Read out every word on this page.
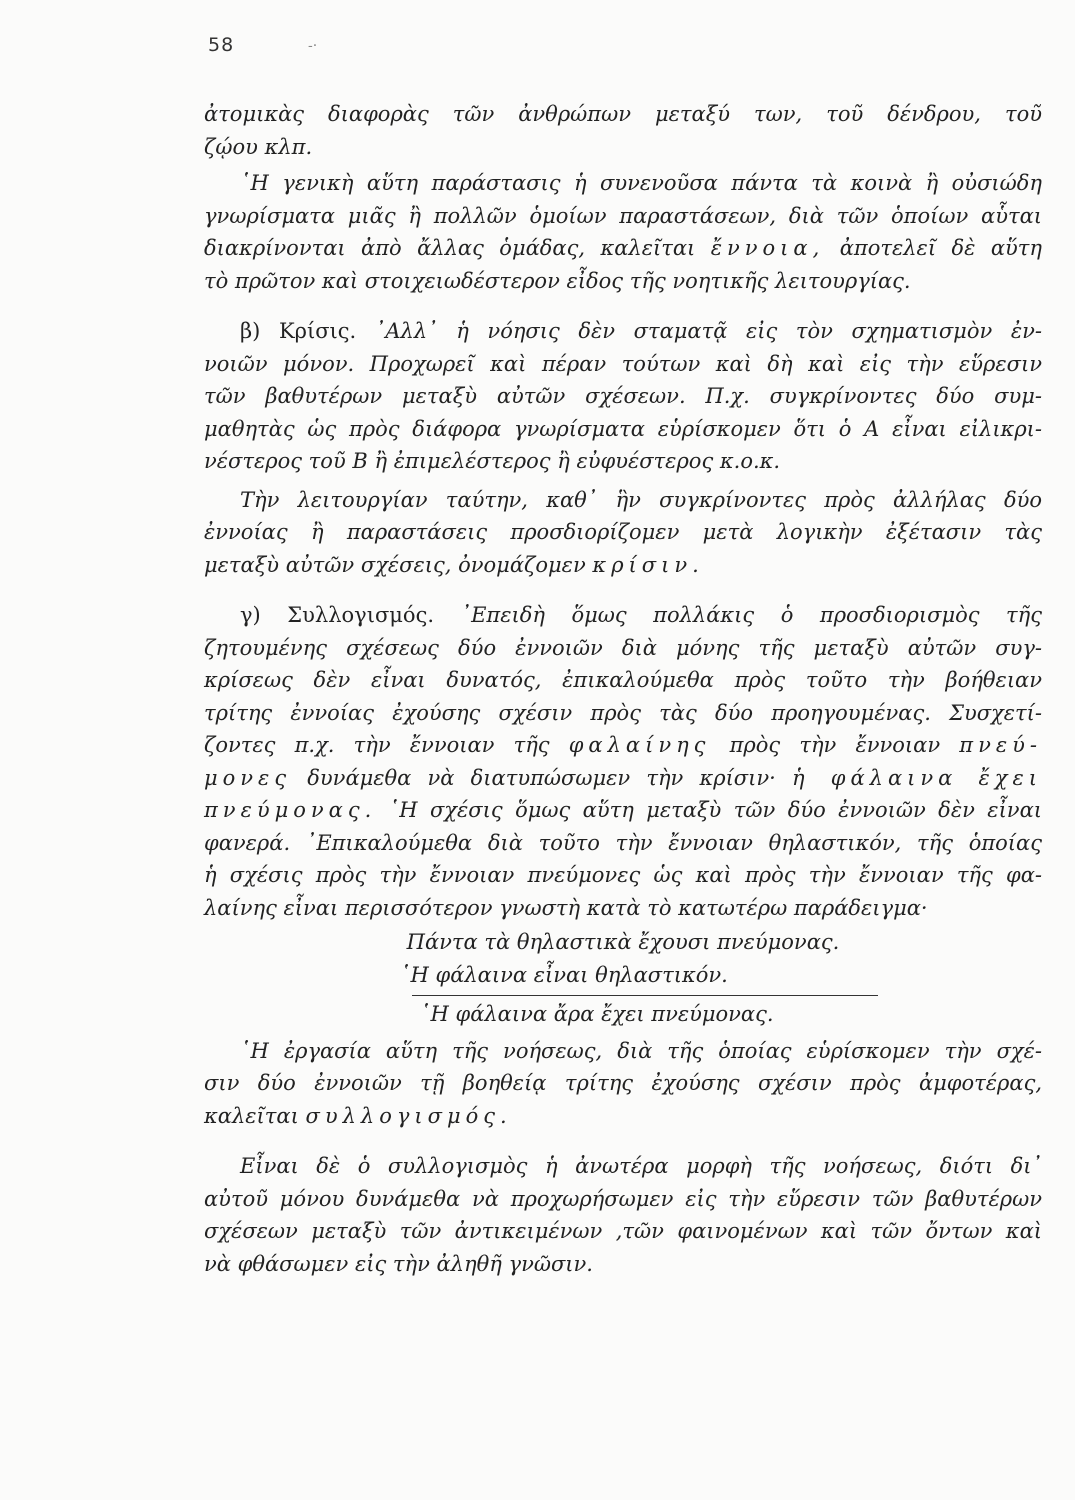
58	-·
ἀτομικὰς διαφορὰς τῶν ἀνθρώπων μεταξύ των, τοῦ δένδρου, τοῦ
ζῴου κλπ.
῾Η γενικὴ αὕτη παράστασις ἡ συνενοῦσα πάντα τὰ κοινὰ ἢ οὐσιώδη
γνωρίσματα μιᾶς ἢ πολλῶν ὁμοίων παραστάσεων, διὰ τῶν ὁποίων αὗται
διακρίνονται ἀπὸ ἄλλας ὁμάδας, καλεῖται ἔννοια, ἀποτελεῖ δὲ αὕτη
τὸ πρῶτον καὶ στοιχειωδέστερον εἶδος τῆς νοητικῆς λειτουργίας.
β) Κρίσις. ᾿Αλλ᾿ ἡ νόησις δὲν σταματᾷ εἰς τὸν σχηματισμὸν ἐν-
νοιῶν μόνον. Προχωρεῖ καὶ πέραν τούτων καὶ δὴ καὶ εἰς τὴν εὕρεσιν
τῶν βαθυτέρων μεταξὺ αὐτῶν σχέσεων. Π.χ. συγκρίνοντες δύο συμ-
μαθητὰς ὡς πρὸς διάφορα γνωρίσματα εὑρίσκομεν ὅτι ὁ Α εἶναι εἰλικρι-
νέστερος τοῦ Β ἢ ἐπιμελέστερος ἢ εὐφυέστερος κ.ο.κ.
Τὴν λειτουργίαν ταύτην, καθ᾿ ἣν συγκρίνοντες πρὸς ἀλλήλας δύο
ἐννοίας ἢ παραστάσεις προσδιορίζομεν μετὰ λογικὴν ἐξέτασιν τὰς
μεταξὺ αὐτῶν σχέσεις, ὀνομάζομεν κρίσιν.
γ) Συλλογισμός. ᾿Επειδὴ ὅμως πολλάκις ὁ προσδιορισμὸς τῆς
ζητουμένης σχέσεως δύο ἐννοιῶν διὰ μόνης τῆς μεταξὺ αὐτῶν συγ-
κρίσεως δὲν εἶναι δυνατός, ἐπικαλούμεθα πρὸς τοῦτο τὴν βοήθειαν
τρίτης ἐννοίας ἐχούσης σχέσιν πρὸς τὰς δύο προηγουμένας. Συσχετί-
ζοντες π.χ. τὴν ἔννοιαν τῆς φαλαίνης πρὸς τὴν ἔννοιαν πνεύ-
μονες δυνάμεθα νὰ διατυπώσωμεν τὴν κρίσιν· ἡ φάλαινα ἔχει
πνεύμονας. ῾Η σχέσις ὅμως αὕτη μεταξὺ τῶν δύο ἐννοιῶν δὲν εἶναι
φανερά. ᾿Επικαλούμεθα διὰ τοῦτο τὴν ἔννοιαν θηλαστικόν, τῆς ὁποίας
ἡ σχέσις πρὸς τὴν ἔννοιαν πνεύμονες ὡς καὶ πρὸς τὴν ἔννοιαν τῆς φα-
λαίνης εἶναι περισσότερον γνωστὴ κατὰ τὸ κατωτέρω παράδειγμα·
Πάντα τὰ θηλαστικὰ ἔχουσι πνεύμονας.
῾Η φάλαινα εἶναι θηλαστικόν.
῾Η φάλαινα ἄρα ἔχει πνεύμονας.
῾Η ἐργασία αὕτη τῆς νοήσεως, διὰ τῆς ὁποίας εὑρίσκομεν τὴν σχέ-
σιν δύο ἐννοιῶν τῇ βοηθείᾳ τρίτης ἐχούσης σχέσιν πρὸς ἀμφοτέρας,
καλεῖται συλλογισμός.
Εἶναι δὲ ὁ συλλογισμὸς ἡ ἀνωτέρα μορφὴ τῆς νοήσεως, διότι δι᾿
αὐτοῦ μόνου δυνάμεθα νὰ προχωρήσωμεν εἰς τὴν εὕρεσιν τῶν βαθυτέρων
σχέσεων μεταξὺ τῶν ἀντικειμένων ,τῶν φαινομένων καὶ τῶν ὄντων καὶ
νὰ φθάσωμεν εἰς τὴν ἀληθῆ γνῶσιν.
